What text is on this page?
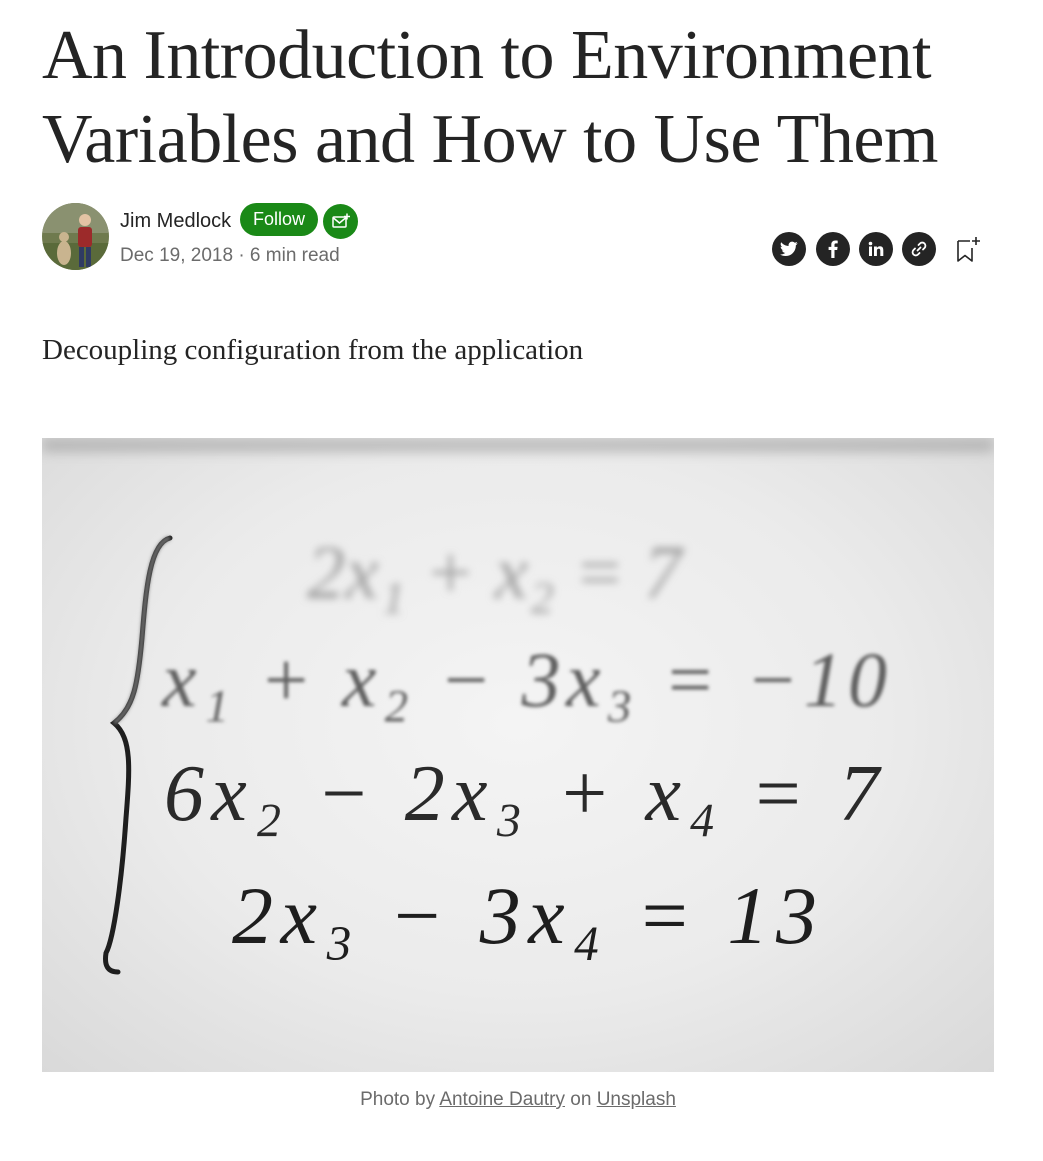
An Introduction to Environment Variables and How to Use Them
Jim Medlock	Follow
Dec 19, 2018 · 6 min read
Decoupling configuration from the application
2x₁ + x₂ = 7
x₁ + x₂ − 3x₃ = −10
6x₂ − 2x₃ + x₄ = 7
2x₃ − 3x₄ = 13
Photo by Antoine Dautry on Unsplash
